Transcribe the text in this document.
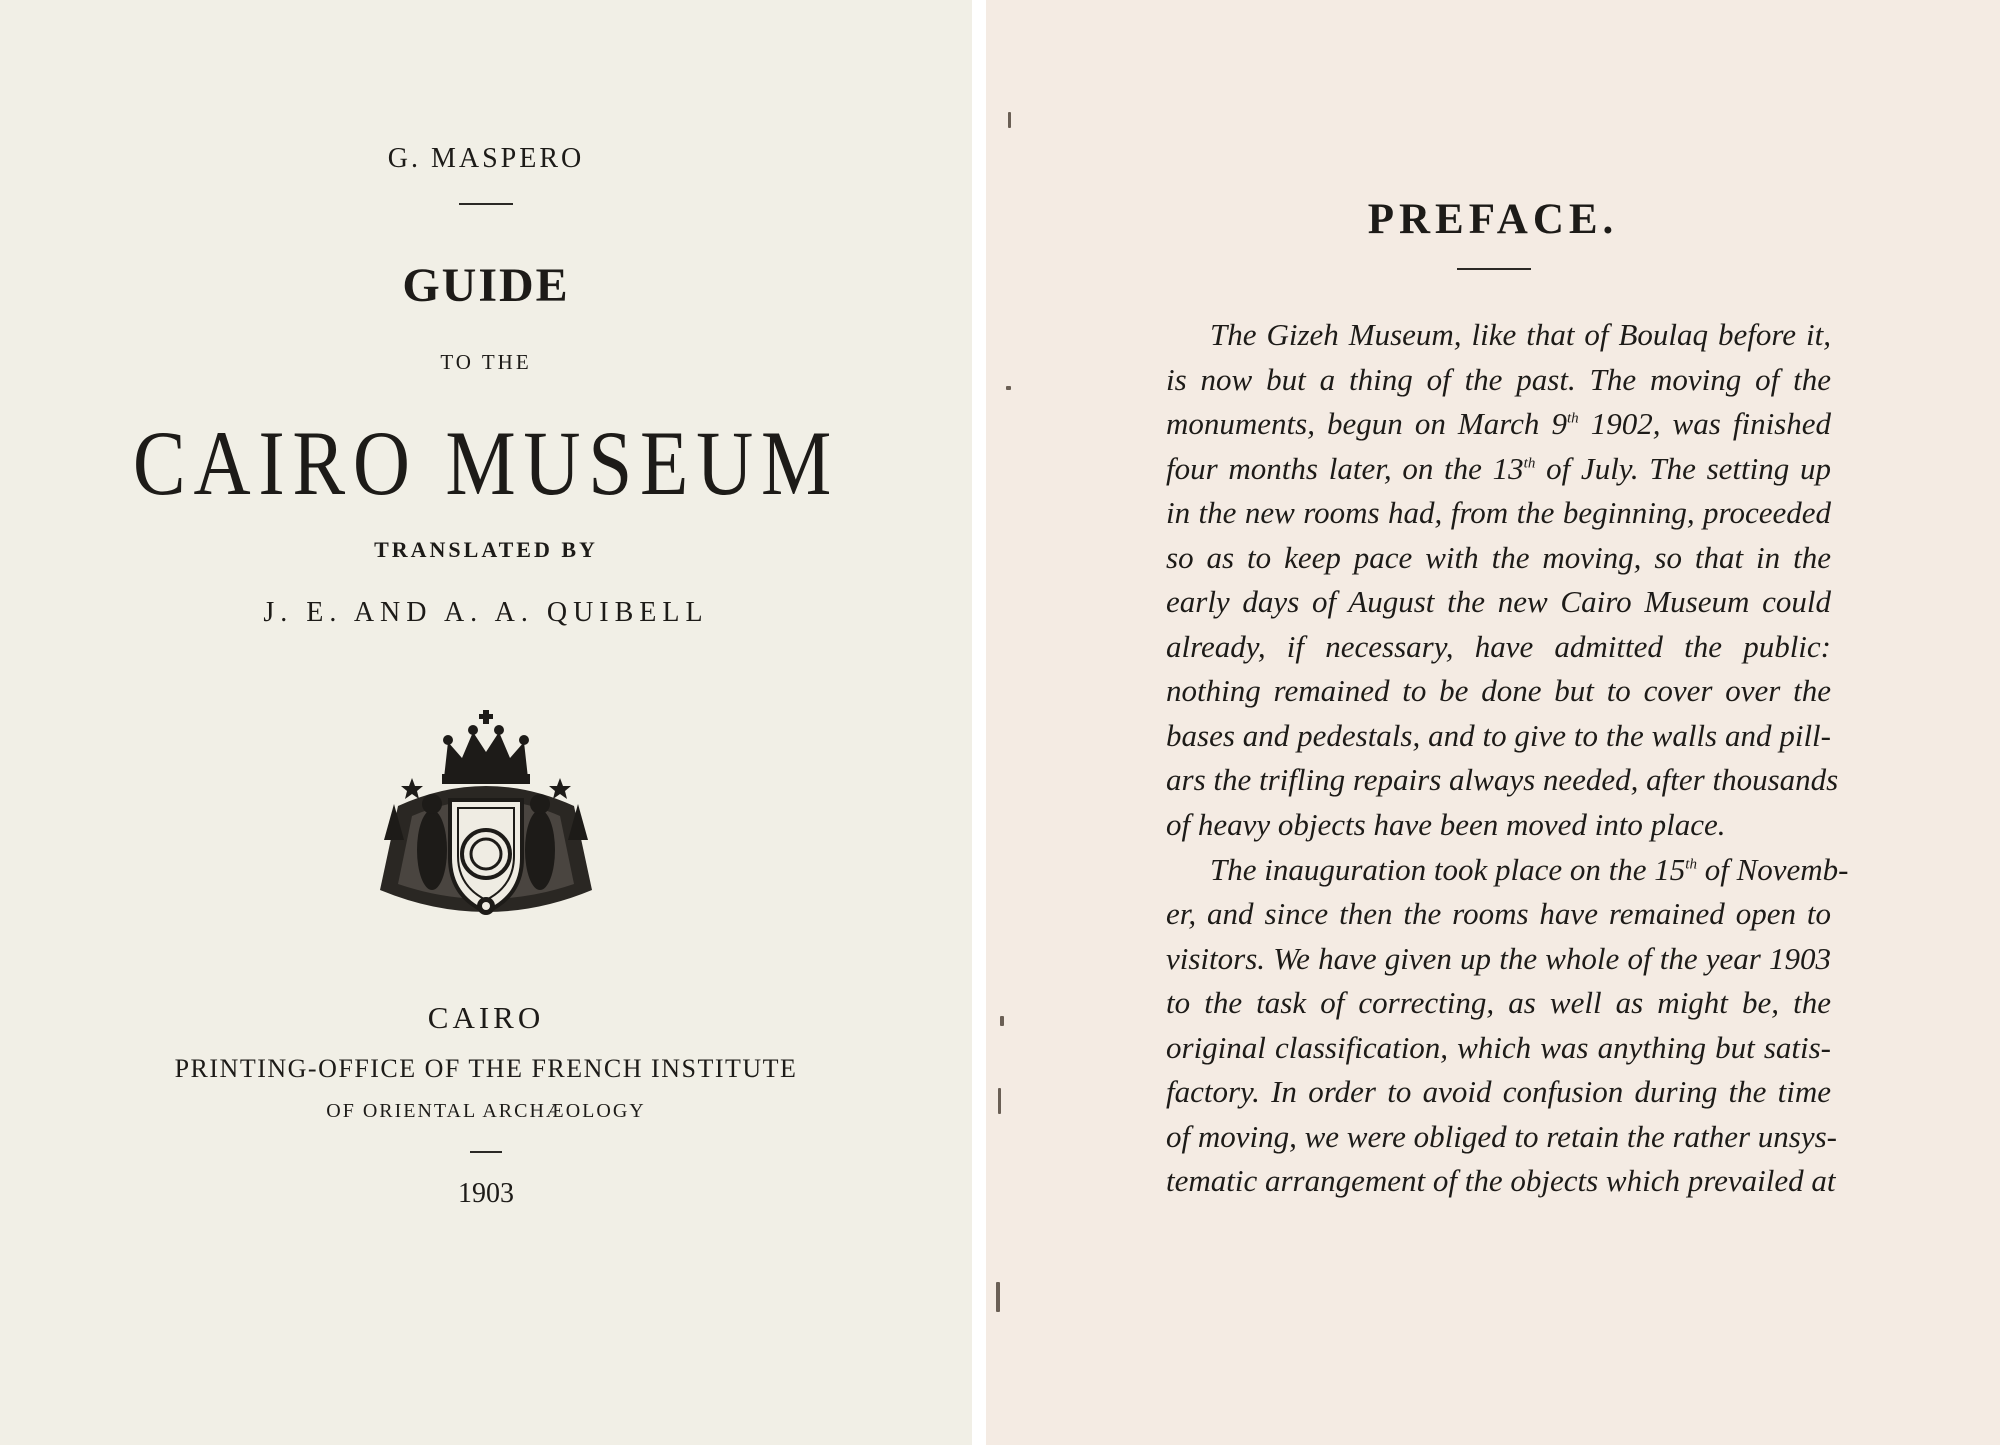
G. MASPERO
GUIDE
TO THE
CAIRO MUSEUM
TRANSLATED BY
J. E. AND A. A. QUIBELL
CAIRO
PRINTING-OFFICE OF THE FRENCH INSTITUTE
OF ORIENTAL ARCHÆOLOGY
1903
PREFACE.
The Gizeh Museum, like that of Boulaq before it,
is now but a thing of the past. The moving of the
monuments, begun on March 9th 1902, was finished
four months later, on the 13th of July. The setting up
in the new rooms had, from the beginning, proceeded
so as to keep pace with the moving, so that in the
early days of August the new Cairo Museum could
already, if necessary, have admitted the public:
nothing remained to be done but to cover over the
bases and pedestals, and to give to the walls and pill-
ars the trifling repairs always needed, after thousands
of heavy objects have been moved into place.
The inauguration took place on the 15th of Novemb-
er, and since then the rooms have remained open to
visitors. We have given up the whole of the year 1903
to the task of correcting, as well as might be, the
original classification, which was anything but satis-
factory. In order to avoid confusion during the time
of moving, we were obliged to retain the rather unsys-
tematic arrangement of the objects which prevailed at
